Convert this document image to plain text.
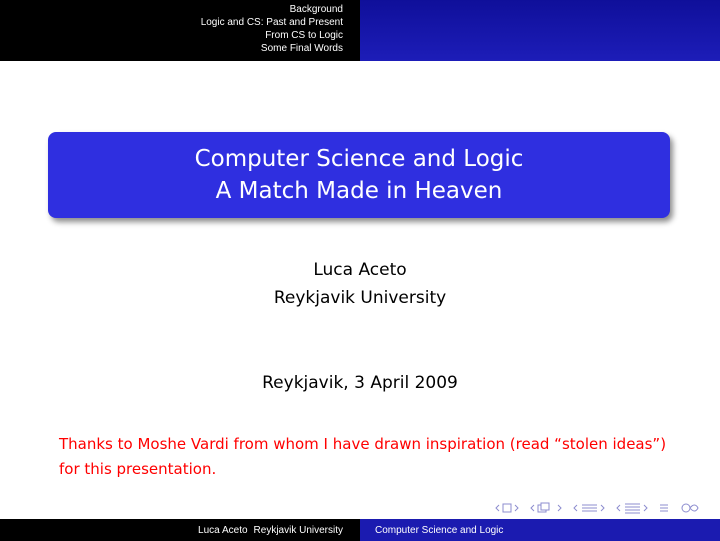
Background
Logic and CS: Past and Present
From CS to Logic
Some Final Words
Computer Science and Logic
A Match Made in Heaven
Luca Aceto
Reykjavik University
Reykjavik, 3 April 2009
Thanks to Moshe Vardi from whom I have drawn inspiration (read “stolen ideas”) for this presentation.
Luca Aceto Reykjavik University	Computer Science and Logic
